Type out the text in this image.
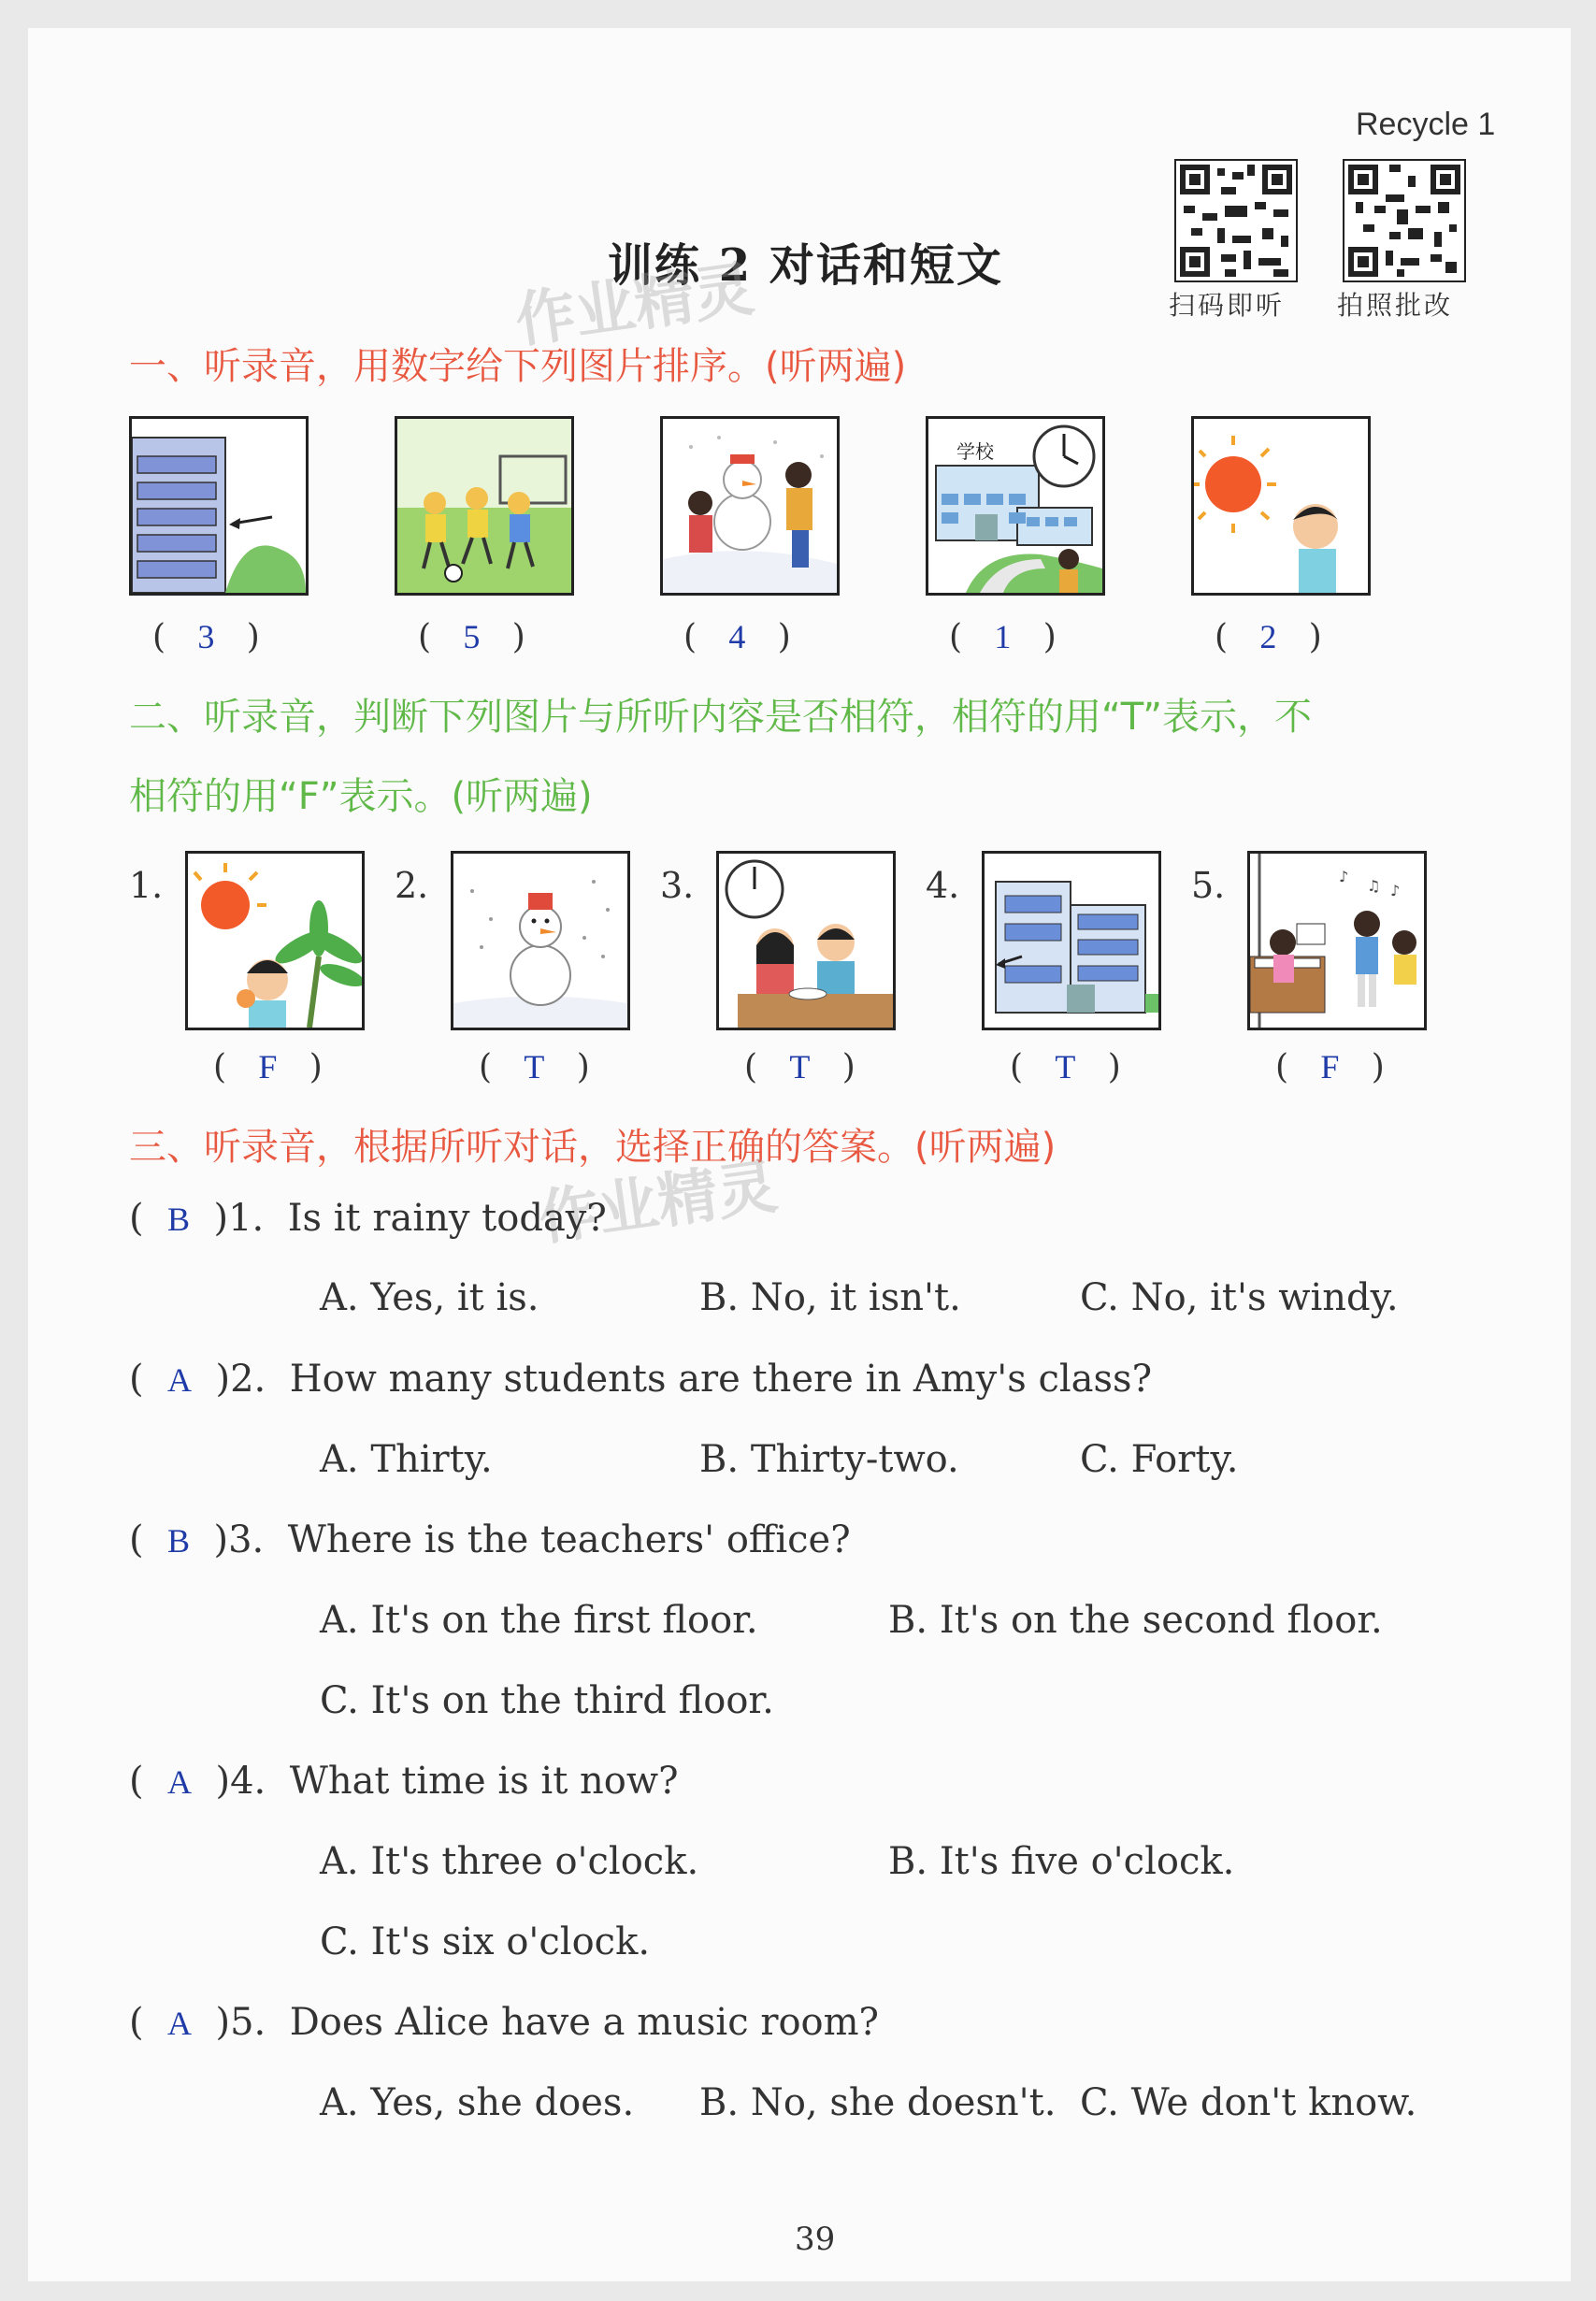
Recycle 1
训练 2 对话和短文
作业精灵	扫码即听 拍照批改
一、听录音，用数字给下列图片排序。(听两遍)
学校
(   3   )	(   5   )	(   4   )	(   1   )	(   2   )
二、听录音，判断下列图片与所听内容是否相符，相符的用“T”表示，不
相符的用“F”表示。(听两遍)
1.	2.	3.	4.	5.	♪
♫ ♪
(   F   )	(   T   )	(   T   )	(   T   )	(   F   )
三、听录音，根据所听对话，选择正确的答案。(听两遍)
作业精灵
(  B )1. Is it rainy today?
A. Yes, it is.	B. No, it isn't.	C. No, it's windy.
(  A )2. How many students are there in Amy's class?
A. Thirty.	B. Thirty-two.	C. Forty.
(  B )3. Where is the teachers' office?
A. It's on the first floor.	B. It's on the second floor.
C. It's on the third floor.
(  A )4. What time is it now?
A. It's three o'clock.	B. It's five o'clock.
C. It's six o'clock.
(  A )5. Does Alice have a music room?
A. Yes, she does. B. No, she doesn't. C. We don't know.
39
